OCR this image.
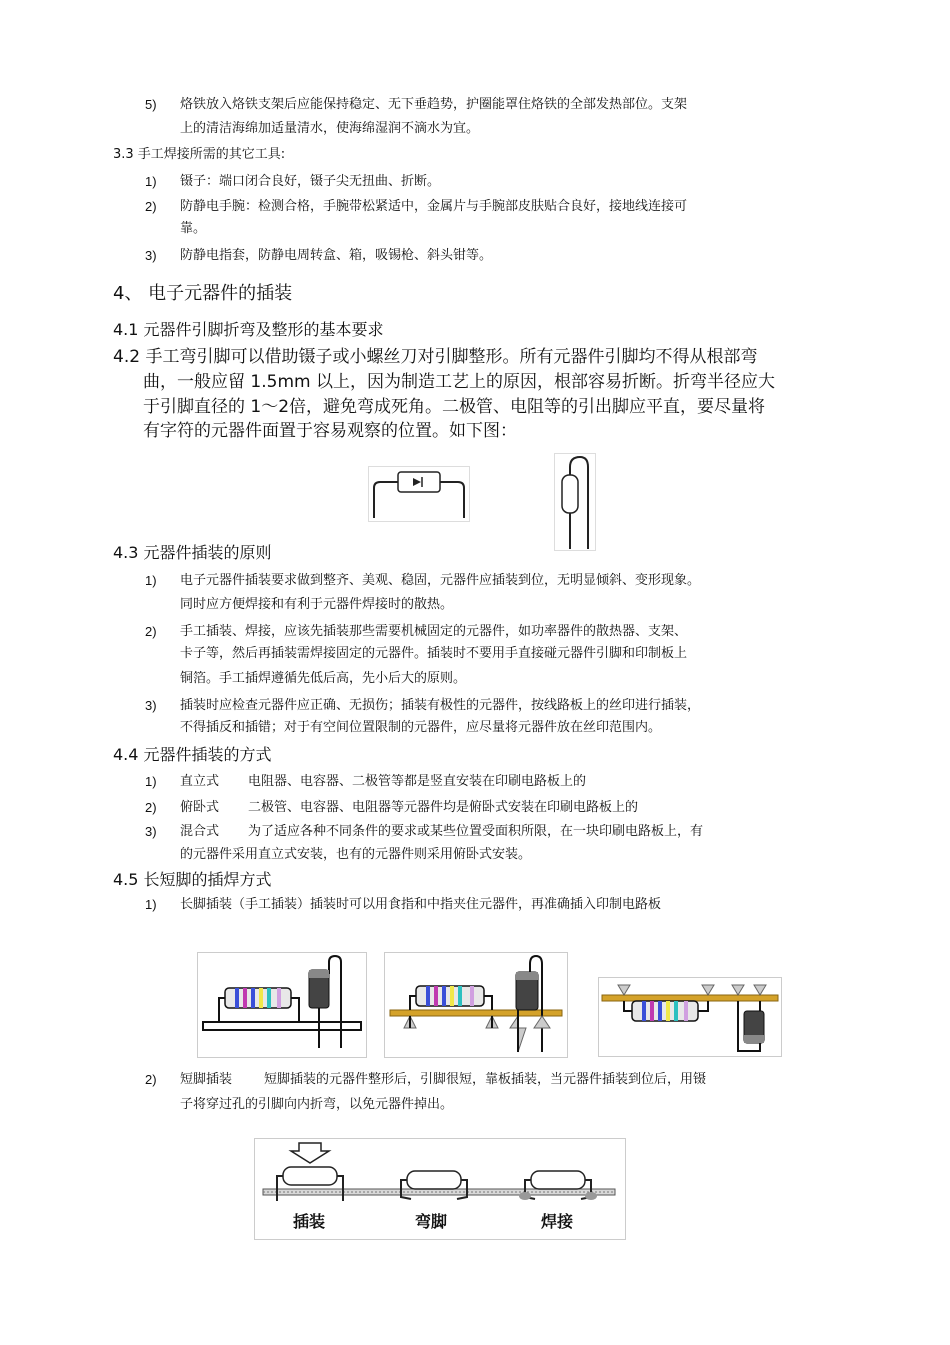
5) 烙铁放入烙铁支架后应能保持稳定、无下垂趋势，护圈能罩住烙铁的全部发热部位。支架
上的清洁海绵加适量清水，使海绵湿润不滴水为宜。
3.3 手工焊接所需的其它工具:
1) 镊子：端口闭合良好，镊子尖无扭曲、折断。
2) 防静电手腕：检测合格，手腕带松紧适中，金属片与手腕部皮肤贴合良好，接地线连接可
靠。
3) 防静电指套，防静电周转盒、箱，吸锡枪、斜头钳等。
4、 电子元器件的插装
4.1 元器件引脚折弯及整形的基本要求
4.2 手工弯引脚可以借助镊子或小螺丝刀对引脚整形。所有元器件引脚均不得从根部弯
曲，一般应留 1.5mm 以上，因为制造工艺上的原因，根部容易折断。折弯半径应大
于引脚直径的 1～2倍，避免弯成死角。二极管、电阻等的引出脚应平直，要尽量将
有字符的元器件面置于容易观察的位置。如下图：
4.3 元器件插装的原则
1) 电子元器件插装要求做到整齐、美观、稳固，元器件应插装到位，无明显倾斜、变形现象。
同时应方便焊接和有利于元器件焊接时的散热。
2) 手工插装、焊接，应该先插装那些需要机械固定的元器件，如功率器件的散热器、支架、
卡子等，然后再插装需焊接固定的元器件。插装时不要用手直接碰元器件引脚和印制板上
铜箔。手工插焊遵循先低后高，先小后大的原则。
3) 插装时应检查元器件应正确、无损伤；插装有极性的元器件，按线路板上的丝印进行插装，
不得插反和插错；对于有空间位置限制的元器件，应尽量将元器件放在丝印范围内。
4.4 元器件插装的方式
1) 直立式 电阻器、电容器、二极管等都是竖直安装在印刷电路板上的
2) 俯卧式 二极管、电容器、电阻器等元器件均是俯卧式安装在印刷电路板上的
3) 混合式 为了适应各种不同条件的要求或某些位置受面积所限，在一块印刷电路板上，有
的元器件采用直立式安装，也有的元器件则采用俯卧式安装。
4.5 长短脚的插焊方式
1) 长脚插装（手工插装）插装时可以用食指和中指夹住元器件，再准确插入印制电路板
2) 短脚插装 短脚插装的元器件整形后，引脚很短，靠板插装，当元器件插装到位后，用镊
子将穿过孔的引脚向内折弯，以免元器件掉出。
插装	弯脚	焊接
